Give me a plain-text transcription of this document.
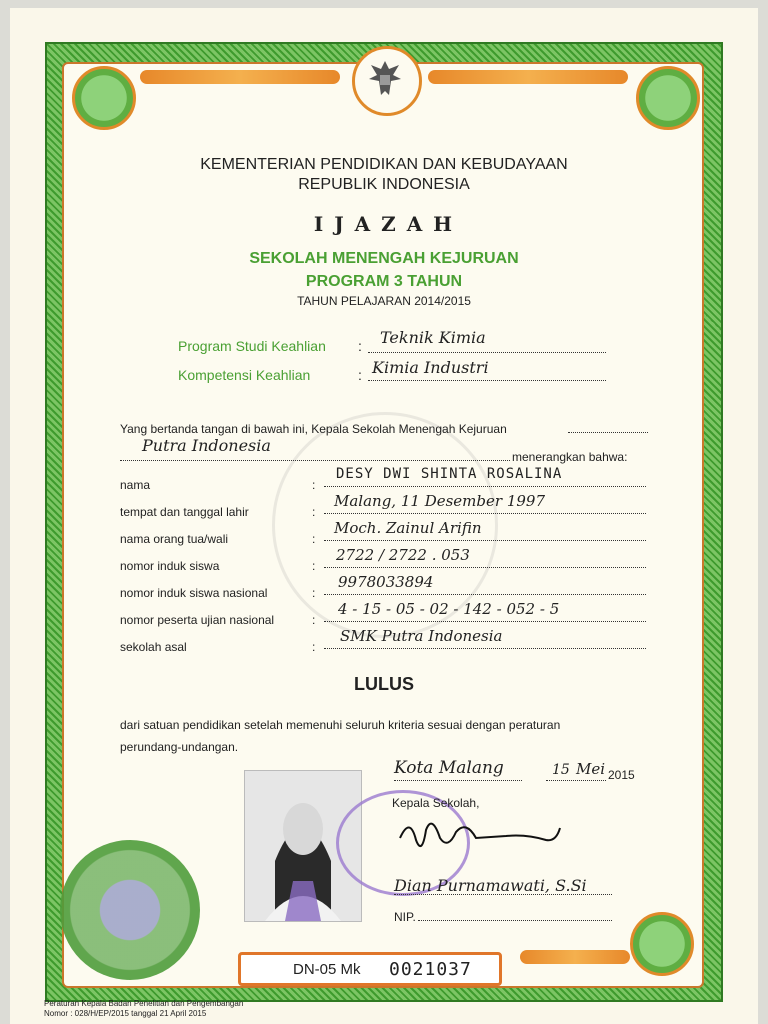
KEMENTERIAN PENDIDIKAN DAN KEBUDAYAAN
REPUBLIK INDONESIA
I J A Z A H
SEKOLAH MENENGAH KEJURUAN
PROGRAM 3 TAHUN
TAHUN PELAJARAN 2014/2015
Program Studi Keahlian : Teknik Kimia
Kompetensi Keahlian	: Kimia Industri
Yang bertanda tangan di bawah ini, Kepala Sekolah Menengah Kejuruan
Putra Indonesia
menerangkan bahwa:
nama	:
DESY DWI SHINTA ROSALINA
tempat dan tanggal lahir	:
Malang, 11 Desember 1997
nama orang tua/wali	:
Moch. Zainul Arifin
nomor induk siswa	:
2722 / 2722 . 053
nomor induk siswa nasional	:
9978033894
nomor peserta ujian nasional	:
4 - 15 - 05 - 02 - 142 - 052 - 5
sekolah asal	:
SMK Putra Indonesia
LULUS
dari satuan pendidikan setelah memenuhi seluruh kriteria sesuai dengan peraturan
perundang-undangan.
Kota Malang	15 Mei 2015
Kepala Sekolah,
Dian Purnamawati, S.Si
NIP.
DN-05 Mk 0021037
Peraturan Kepala Badan Penelitian dan Pengembangan
Nomor : 028/H/EP/2015 tanggal 21 April 2015
